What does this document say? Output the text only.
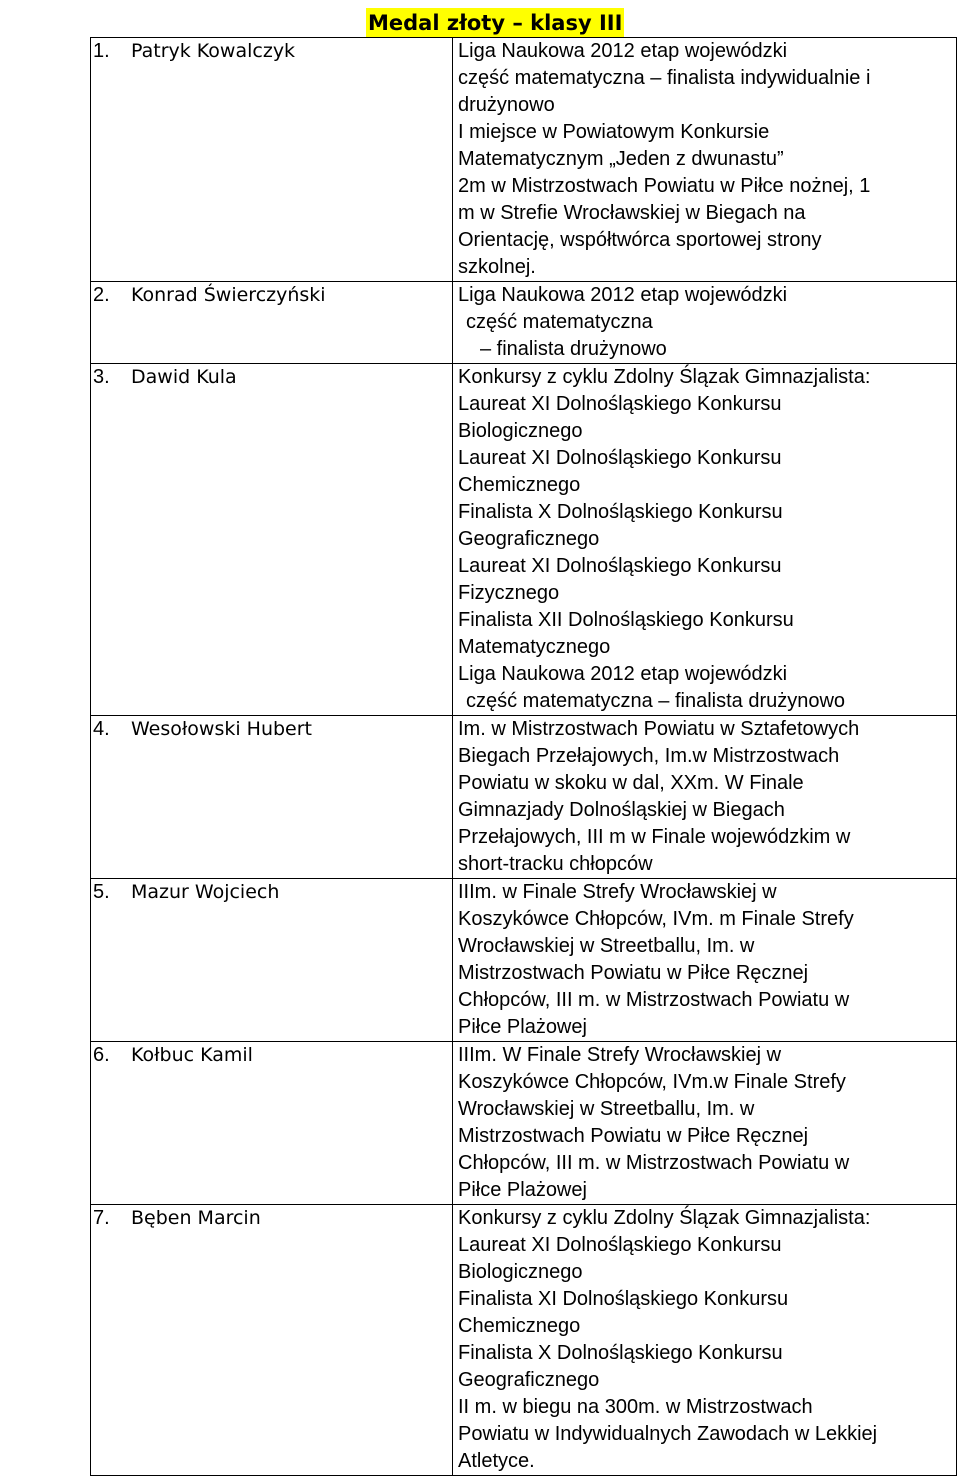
Medal złoty – klasy III
1.	Patryk Kowalczyk	Liga Naukowa 2012 etap wojewódzki
część matematyczna – finalista indywidualnie i
drużynowo
I miejsce w Powiatowym Konkursie
Matematycznym „Jeden z dwunastu”
2m w Mistrzostwach Powiatu w Piłce nożnej, 1
m w Strefie Wrocławskiej w Biegach na
Orientację, współtwórca sportowej strony
szkolnej.
2.	Konrad Świerczyński	Liga Naukowa 2012 etap wojewódzki
część matematyczna
– finalista drużynowo
3.	Dawid Kula	Konkursy z cyklu Zdolny Ślązak Gimnazjalista:
Laureat XI Dolnośląskiego Konkursu
Biologicznego
Laureat XI Dolnośląskiego Konkursu
Chemicznego
Finalista X Dolnośląskiego Konkursu
Geograficznego
Laureat XI Dolnośląskiego Konkursu
Fizycznego
Finalista XII Dolnośląskiego Konkursu
Matematycznego
Liga Naukowa 2012 etap wojewódzki
część matematyczna – finalista drużynowo
4.	Wesołowski Hubert	Im. w Mistrzostwach Powiatu w Sztafetowych
Biegach Przełajowych, Im.w Mistrzostwach
Powiatu w skoku w dal, XXm. W Finale
Gimnazjady Dolnośląskiej w Biegach
Przełajowych, III m w Finale wojewódzkim w
short-tracku chłopców
5.	Mazur Wojciech	IIIm. w Finale Strefy Wrocławskiej w
Koszykówce Chłopców, IVm. m Finale Strefy
Wrocławskiej w Streetballu, Im. w
Mistrzostwach Powiatu w Piłce Ręcznej
Chłopców, III m. w Mistrzostwach Powiatu w
Piłce Plażowej
6.	Kołbuc Kamil	IIIm. W Finale Strefy Wrocławskiej w
Koszykówce Chłopców, IVm.w Finale Strefy
Wrocławskiej w Streetballu, Im. w
Mistrzostwach Powiatu w Piłce Ręcznej
Chłopców, III m. w Mistrzostwach Powiatu w
Piłce Plażowej
7.	Bęben Marcin	Konkursy z cyklu Zdolny Ślązak Gimnazjalista:
Laureat XI Dolnośląskiego Konkursu
Biologicznego
Finalista XI Dolnośląskiego Konkursu
Chemicznego
Finalista X Dolnośląskiego Konkursu
Geograficznego
II m. w biegu na 300m. w Mistrzostwach
Powiatu w Indywidualnych Zawodach w Lekkiej
Atletyce.
